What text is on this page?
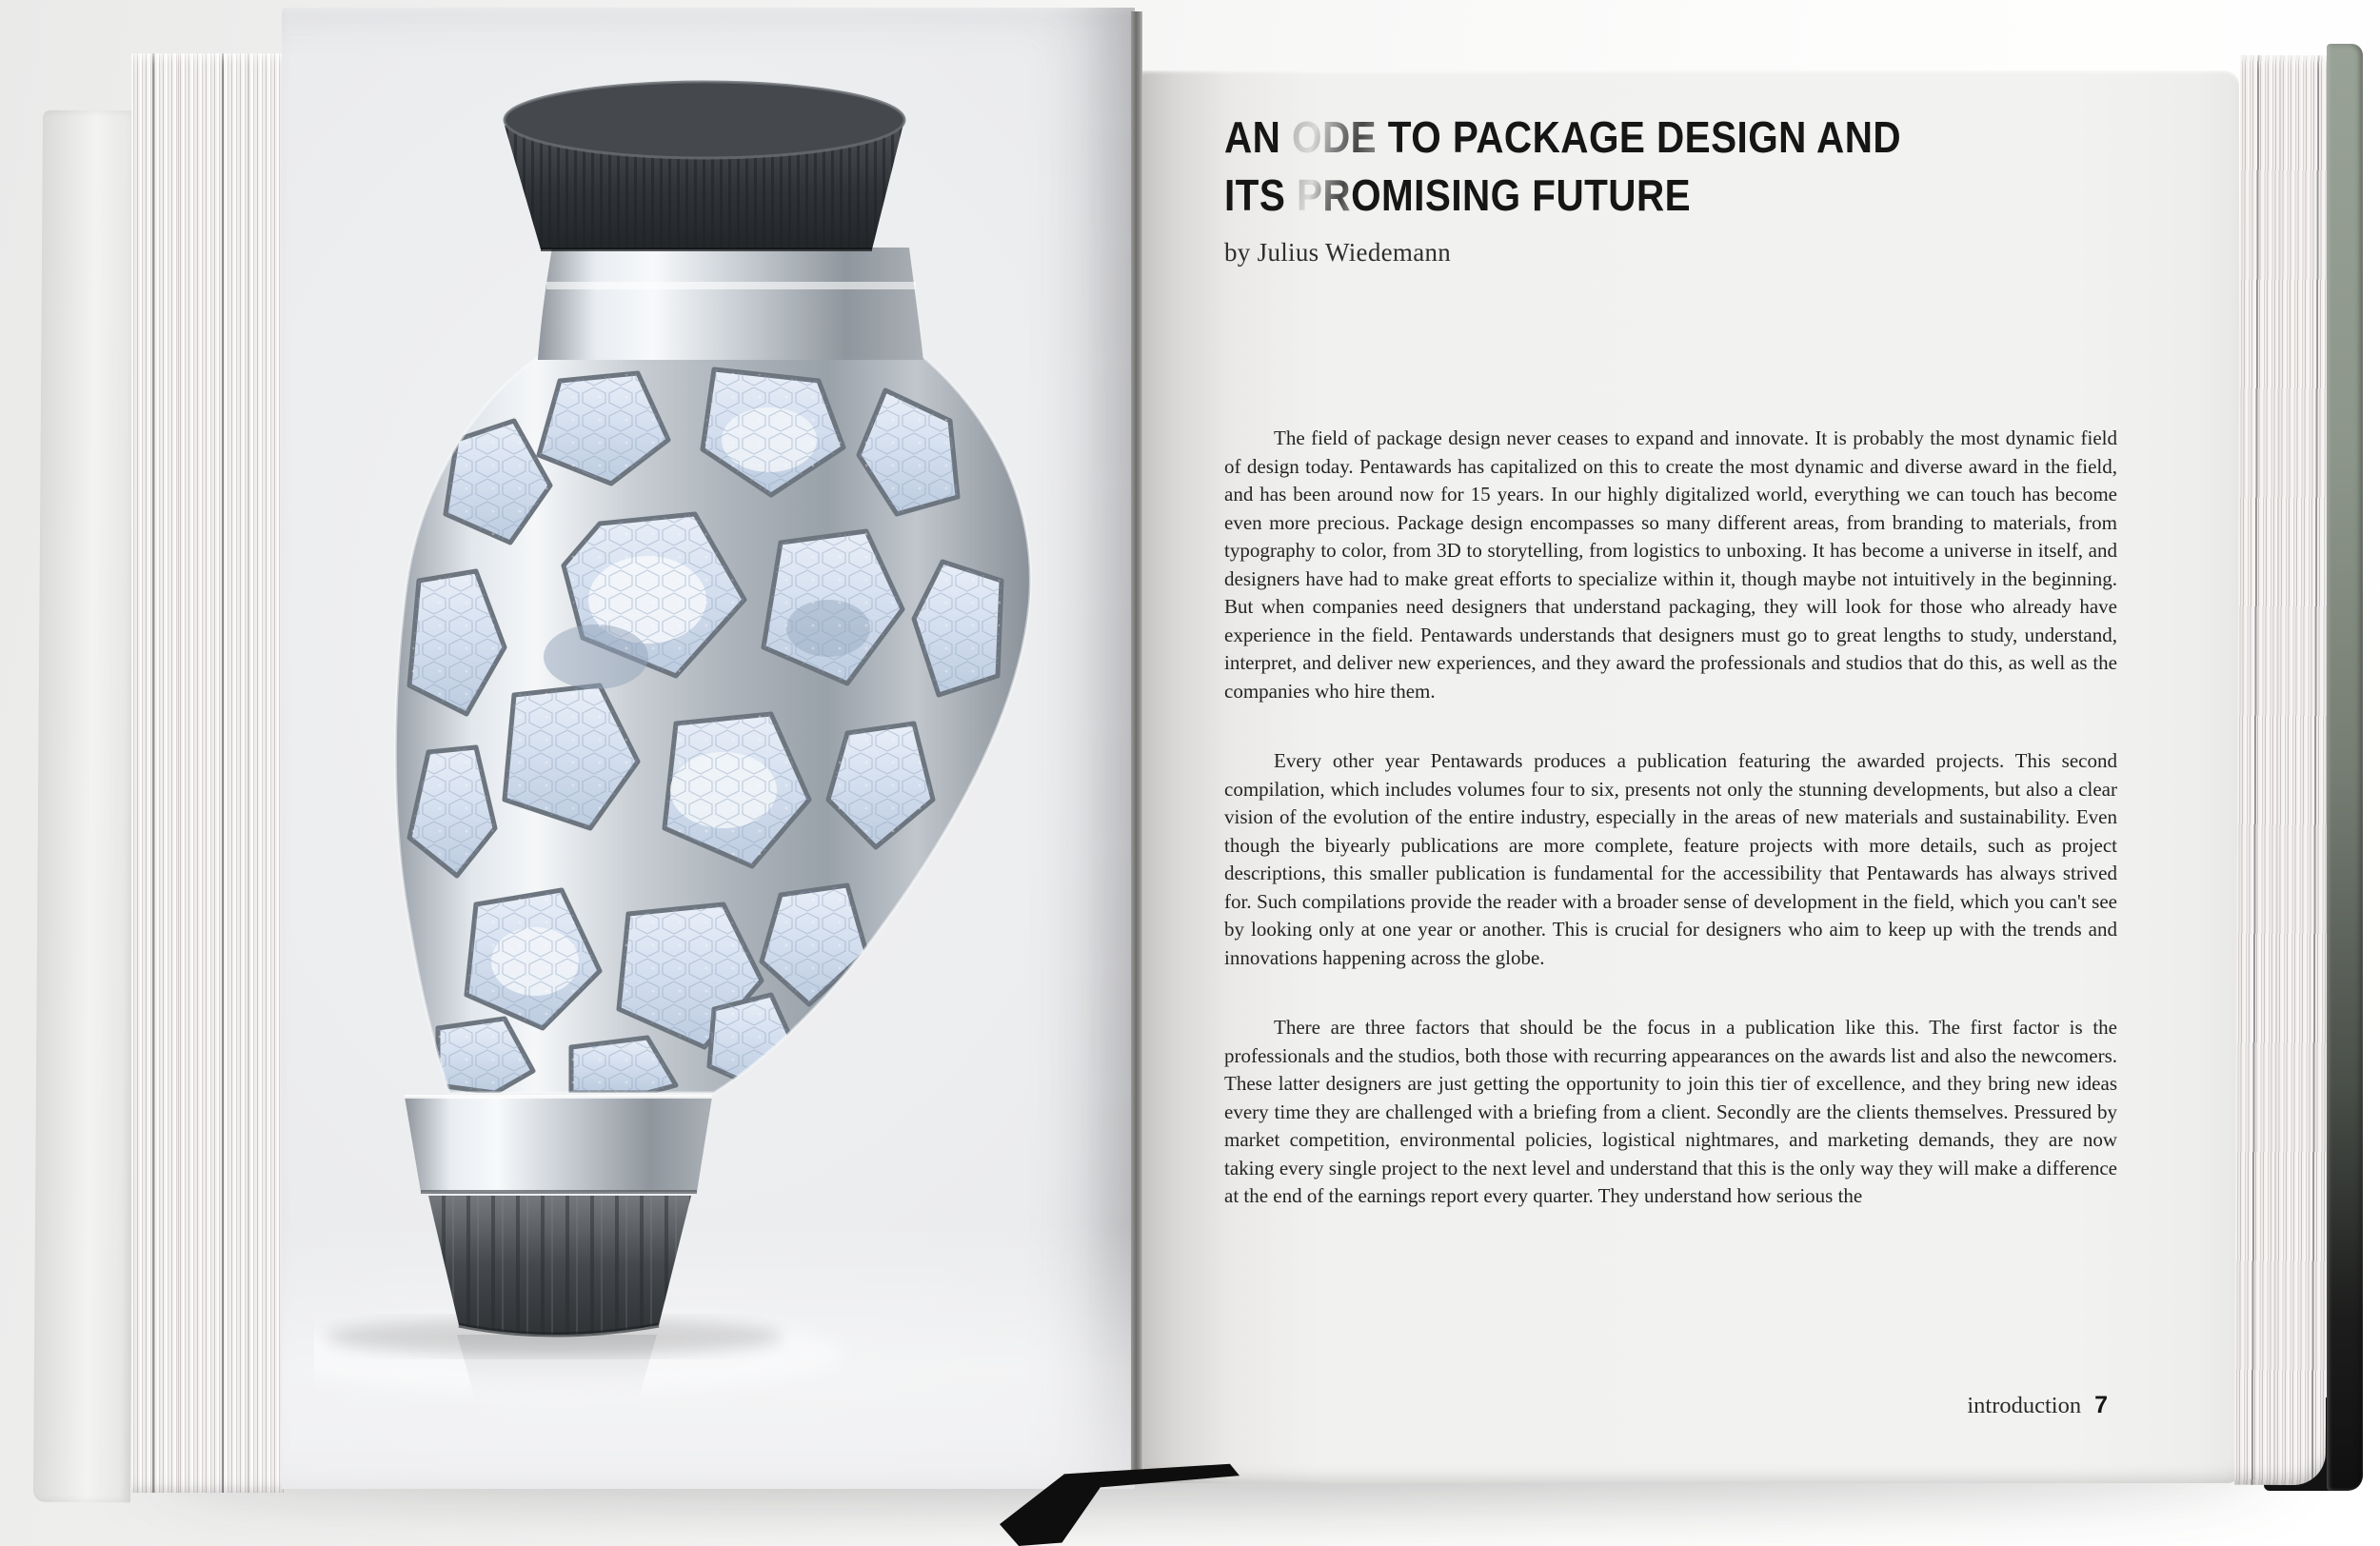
AN ODE TO PACKAGE DESIGN AND
ITS PROMISING FUTURE
by Julius Wiedemann

The field of package design never ceases to expand and innovate. It is probably the most dynamic field of design today. Pentawards has capitalized on this to create the most dynamic and diverse award in the field, and has been around now for 15 years. In our highly digitalized world, everything we can touch has become even more precious. Package design encompasses so many different areas, from branding to materials, from typography to color, from 3D to storytelling, from logistics to unboxing. It has become a universe in itself, and designers have had to make great efforts to specialize within it, though maybe not intuitively in the beginning. But when companies need designers that understand packaging, they will look for those who already have experience in the field. Pentawards understands that designers must go to great lengths to study, understand, interpret, and deliver new experiences, and they award the professionals and studios that do this, as well as the companies who hire them.

Every other year Pentawards produces a publication featuring the awarded projects. This second compilation, which includes volumes four to six, presents not only the stunning developments, but also a clear vision of the evolution of the entire industry, especially in the areas of new materials and sustainability. Even though the biyearly publications are more complete, feature projects with more details, such as project descriptions, this smaller publication is fundamental for the accessibility that Pentawards has always strived for. Such compilations provide the reader with a broader sense of development in the field, which you can't see by looking only at one year or another. This is crucial for designers who aim to keep up with the trends and innovations happening across the globe.

There are three factors that should be the focus in a publication like this. The first factor is the professionals and the studios, both those with recurring appearances on the awards list and also the newcomers. These latter designers are just getting the opportunity to join this tier of excellence, and they bring new ideas every time they are challenged with a briefing from a client. Secondly are the clients themselves. Pressured by market competition, environmental policies, logistical nightmares, and marketing demands, they are now taking every single project to the next level and understand that this is the only way they will make a difference at the end of the earnings report every quarter. They understand how serious the

introduction 7
